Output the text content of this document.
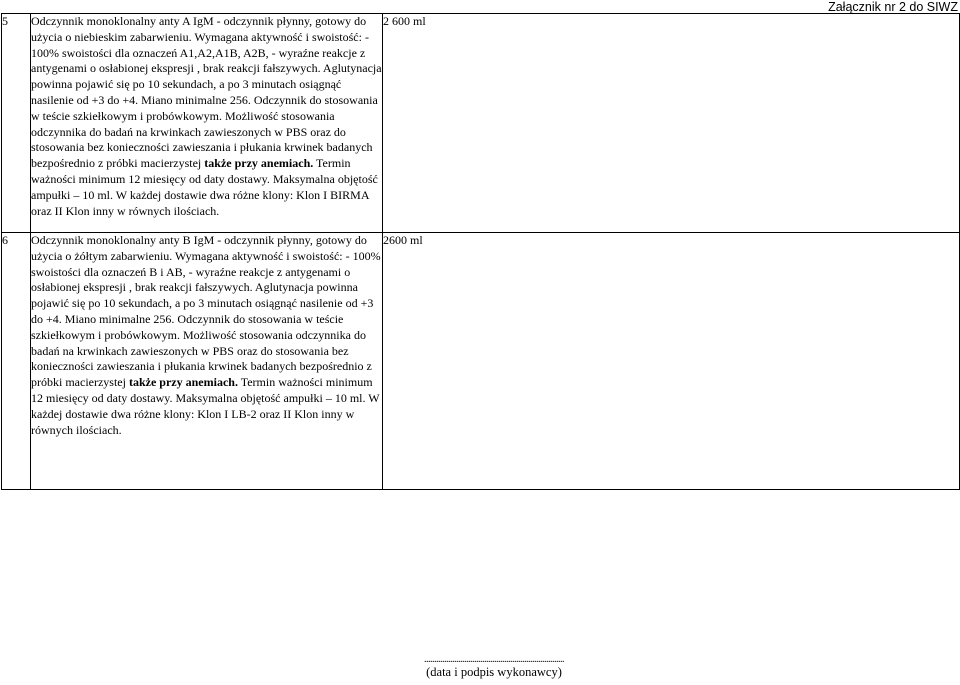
Załącznik nr 2 do SIWZ
5	Odczynnik monoklonalny anty A IgM - odczynnik płynny, gotowy do użycia o niebieskim zabarwieniu. Wymagana aktywność i swoistość: - 100% swoistości dla oznaczeń A1,A2,A1B, A2B, - wyraźne reakcje z antygenami o osłabionej ekspresji , brak reakcji fałszywych. Aglutynacja powinna pojawić się po 10 sekundach, a po 3 minutach osiągnąć nasilenie od +3 do +4. Miano minimalne 256. Odczynnik do stosowania w teście szkiełkowym i probówkowym. Możliwość stosowania odczynnika do badań na krwinkach zawieszonych w PBS oraz do stosowania bez konieczności zawieszania i płukania krwinek badanych bezpośrednio z próbki macierzystej także przy anemiach. Termin ważności minimum 12 miesięcy od daty dostawy. Maksymalna objętość ampułki – 10 ml. W każdej dostawie dwa różne klony: Klon I BIRMA oraz II Klon inny w równych ilościach.	2 600 ml
6	Odczynnik monoklonalny anty B IgM - odczynnik płynny, gotowy do użycia o żółtym zabarwieniu. Wymagana aktywność i swoistość: - 100% swoistości dla oznaczeń B i AB, - wyraźne reakcje z antygenami o osłabionej ekspresji , brak reakcji fałszywych. Aglutynacja powinna pojawić się po 10 sekundach, a po 3 minutach osiągnąć nasilenie od +3 do +4. Miano minimalne 256. Odczynnik do stosowania w teście szkiełkowym i probówkowym. Możliwość stosowania odczynnika do badań na krwinkach zawieszonych w PBS oraz do stosowania bez konieczności zawieszania i płukania krwinek badanych bezpośrednio z próbki macierzystej także przy anemiach. Termin ważności minimum 12 miesięcy od daty dostawy. Maksymalna objętość ampułki – 10 ml. W każdej dostawie dwa różne klony: Klon I LB-2 oraz II Klon inny w równych ilościach.	2600 ml
......................................................................
(data i podpis wykonawcy)
